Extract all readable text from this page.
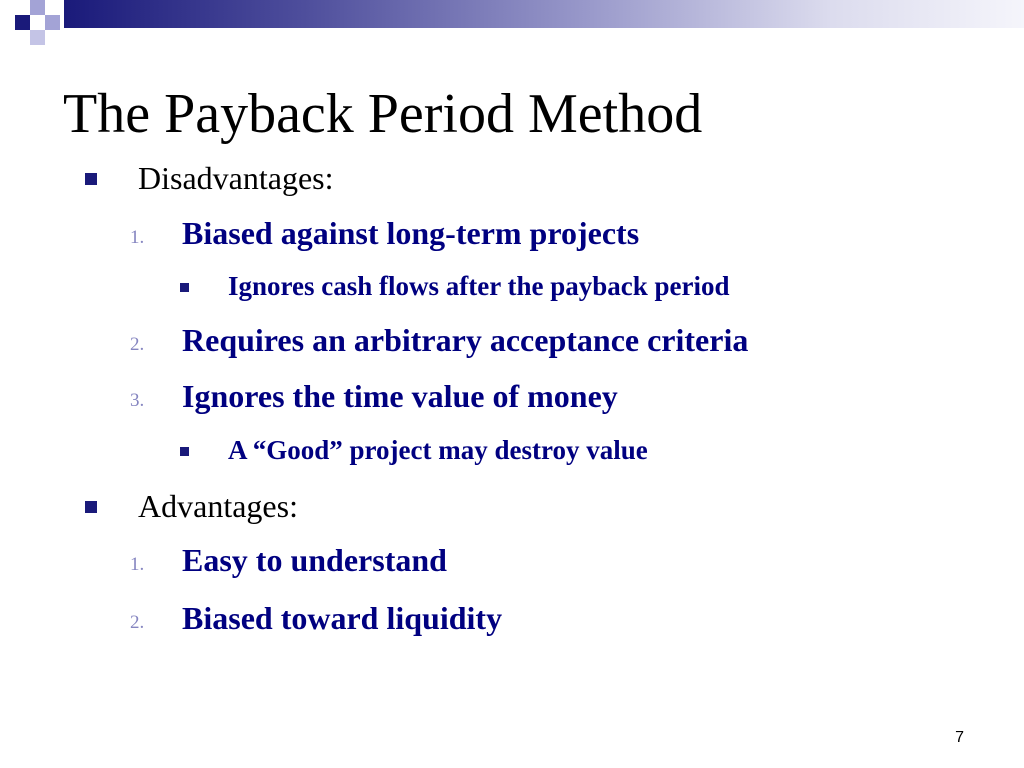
The Payback Period Method
Disadvantages:
1. Biased against long-term projects
Ignores cash flows after the payback period
2. Requires an arbitrary acceptance criteria
3. Ignores the time value of money
A “Good” project may destroy value
Advantages:
1. Easy to understand
2. Biased toward liquidity
7
